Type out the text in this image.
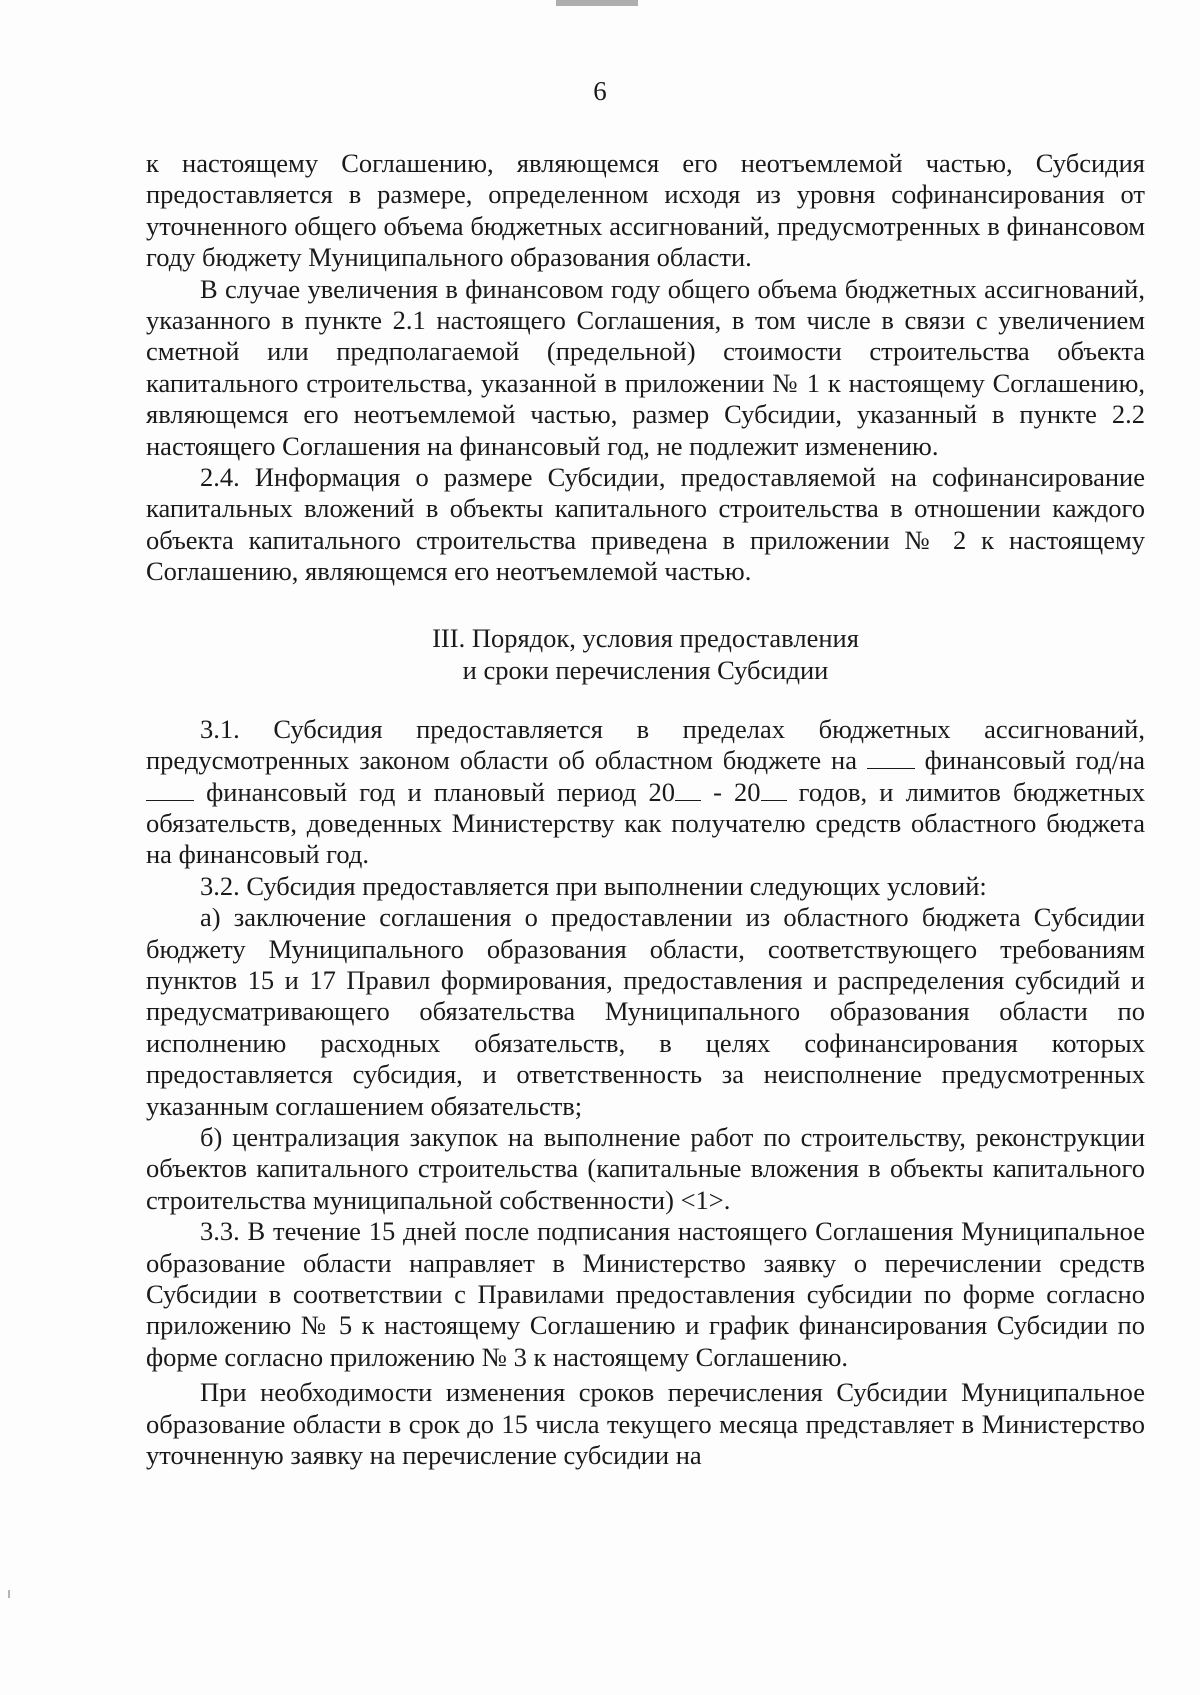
6

к настоящему Соглашению, являющемся его неотъемлемой частью, Субсидия предоставляется в размере, определенном исходя из уровня софинансирования от уточненного общего объема бюджетных ассигнований, предусмотренных в финансовом году бюджету Муниципального образования области.

В случае увеличения в финансовом году общего объема бюджетных ассигнований, указанного в пункте 2.1 настоящего Соглашения, в том числе в связи с увеличением сметной или предполагаемой (предельной) стоимости строительства объекта капитального строительства, указанной в приложении № 1 к настоящему Соглашению, являющемся его неотъемлемой частью, размер Субсидии, указанный в пункте 2.2 настоящего Соглашения на финансовый год, не подлежит изменению.

2.4. Информация о размере Субсидии, предоставляемой на софинансирование капитальных вложений в объекты капитального строительства в отношении каждого объекта капитального строительства приведена в приложении № 2 к настоящему Соглашению, являющемся его неотъемлемой частью.

III. Порядок, условия предоставления
и сроки перечисления Субсидии

3.1. Субсидия предоставляется в пределах бюджетных ассигнований, предусмотренных законом области об областном бюджете на  финансовый год/на  финансовый год и плановый период 20 - 20 годов, и лимитов бюджетных обязательств, доведенных Министерству как получателю средств областного бюджета на финансовый год.

3.2. Субсидия предоставляется при выполнении следующих условий:

а) заключение соглашения о предоставлении из областного бюджета Субсидии бюджету Муниципального образования области, соответствующего требованиям пунктов 15 и 17 Правил формирования, предоставления и распределения субсидий и предусматривающего обязательства Муниципального образования области по исполнению расходных обязательств, в целях софинансирования которых предоставляется субсидия, и ответственность за неисполнение предусмотренных указанным соглашением обязательств;

б) централизация закупок на выполнение работ по строительству, реконструкции объектов капитального строительства (капитальные вложения в объекты капитального строительства муниципальной собственности) <1>.

3.3. В течение 15 дней после подписания настоящего Соглашения Муниципальное образование области направляет в Министерство заявку о перечислении средств Субсидии в соответствии с Правилами предоставления субсидии по форме согласно приложению № 5 к настоящему Соглашению и график финансирования Субсидии по форме согласно приложению № 3 к настоящему Соглашению.

При необходимости изменения сроков перечисления Субсидии Муниципальное образование области в срок до 15 числа текущего месяца представляет в Министерство уточненную заявку на перечисление субсидии на
